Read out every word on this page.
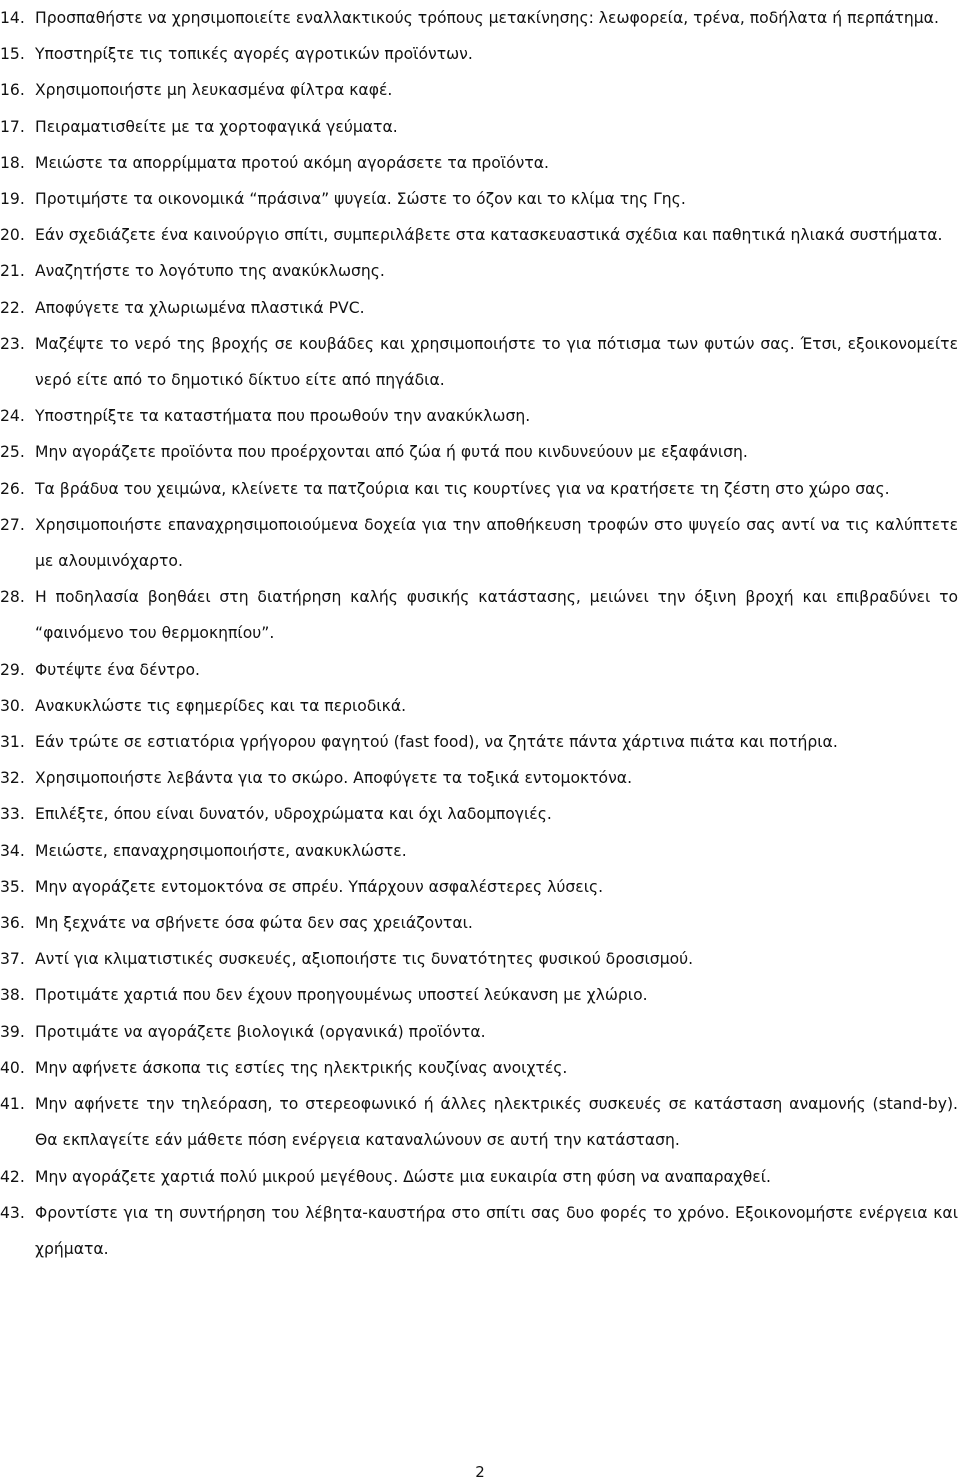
14. Προσπαθήστε να χρησιμοποιείτε εναλλακτικούς τρόπους μετακίνησης: λεωφορεία, τρένα, ποδήλατα ή περπάτημα.
15. Υποστηρίξτε τις τοπικές αγορές αγροτικών προϊόντων.
16. Χρησιμοποιήστε μη λευκασμένα φίλτρα καφέ.
17. Πειραματισθείτε με τα χορτοφαγικά γεύματα.
18. Μειώστε τα απορρίμματα προτού ακόμη αγοράσετε τα προϊόντα.
19. Προτιμήστε τα οικονομικά “πράσινα” ψυγεία. Σώστε το όζον και το κλίμα της Γης.
20. Εάν σχεδιάζετε ένα καινούργιο σπίτι, συμπεριλάβετε στα κατασκευαστικά σχέδια και παθητικά ηλιακά συστήματα.
21. Αναζητήστε το λογότυπο της ανακύκλωσης.
22. Αποφύγετε τα χλωριωμένα πλαστικά PVC.
23. Μαζέψτε το νερό της βροχής σε κουβάδες και χρησιμοποιήστε το για πότισμα των φυτών σας. Έτσι, εξοικονομείτε νερό είτε από το δημοτικό δίκτυο είτε από πηγάδια.
24. Υποστηρίξτε τα καταστήματα που προωθούν την ανακύκλωση.
25. Μην αγοράζετε προϊόντα που προέρχονται από ζώα ή φυτά που κινδυνεύουν με εξαφάνιση.
26. Τα βράδυα του χειμώνα, κλείνετε τα πατζούρια και τις κουρτίνες για να κρατήσετε τη ζέστη στο χώρο σας.
27. Χρησιμοποιήστε επαναχρησιμοποιούμενα δοχεία για την αποθήκευση τροφών στο ψυγείο σας αντί να τις καλύπτετε με αλουμινόχαρτο.
28. Η ποδηλασία βοηθάει στη διατήρηση καλής φυσικής κατάστασης, μειώνει την όξινη βροχή και επιβραδύνει το “φαινόμενο του θερμοκηπίου”.
29. Φυτέψτε ένα δέντρο.
30. Ανακυκλώστε τις εφημερίδες και τα περιοδικά.
31. Εάν τρώτε σε εστιατόρια γρήγορου φαγητού (fast food), να ζητάτε πάντα χάρτινα πιάτα και ποτήρια.
32. Χρησιμοποιήστε λεβάντα για το σκώρο. Αποφύγετε τα τοξικά εντομοκτόνα.
33. Επιλέξτε, όπου είναι δυνατόν, υδροχρώματα και όχι λαδομπογιές.
34. Μειώστε, επαναχρησιμοποιήστε, ανακυκλώστε.
35. Μην αγοράζετε εντομοκτόνα σε σπρέυ. Υπάρχουν ασφαλέστερες λύσεις.
36. Μη ξεχνάτε να σβήνετε όσα φώτα δεν σας χρειάζονται.
37. Αντί για κλιματιστικές συσκευές, αξιοποιήστε τις δυνατότητες φυσικού δροσισμού.
38. Προτιμάτε χαρτιά που δεν έχουν προηγουμένως υποστεί λεύκανση με χλώριο.
39. Προτιμάτε να αγοράζετε βιολογικά (οργανικά) προϊόντα.
40. Μην αφήνετε άσκοπα τις εστίες της ηλεκτρικής κουζίνας ανοιχτές.
41. Μην αφήνετε την τηλεόραση, το στερεοφωνικό ή άλλες ηλεκτρικές συσκευές σε κατάσταση αναμονής (stand-by). Θα εκπλαγείτε εάν μάθετε πόση ενέργεια καταναλώνουν σε αυτή την κατάσταση.
42. Μην αγοράζετε χαρτιά πολύ μικρού μεγέθους. Δώστε μια ευκαιρία στη φύση να αναπαραχθεί.
43. Φροντίστε για τη συντήρηση του λέβητα-καυστήρα στο σπίτι σας δυο φορές το χρόνο. Εξοικονομήστε ενέργεια και χρήματα.
2
